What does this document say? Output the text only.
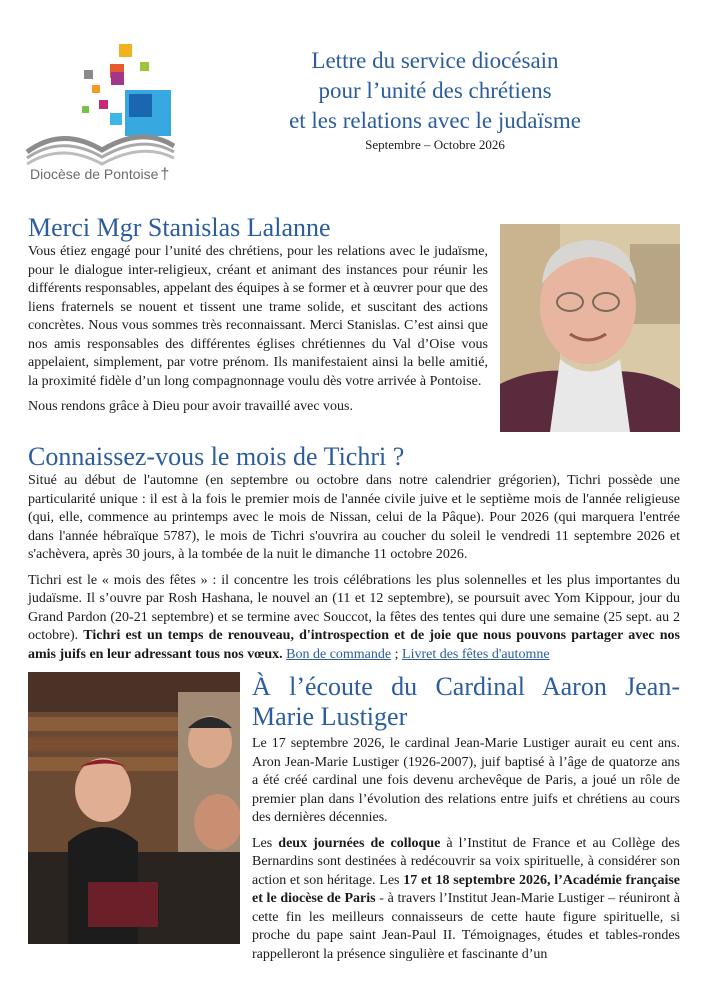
Diocèse de Pontoise †
Lettre du service diocésain
pour l’unité des chrétiens
et les relations avec le judaïsme
Septembre – Octobre 2026
Merci Mgr Stanislas Lalanne

Vous étiez engagé pour l’unité des chrétiens, pour les relations avec le judaïsme, pour le dialogue inter-religieux, créant et animant des instances pour réunir les différents responsables, appelant des équipes à se former et à œuvrer pour que des liens fraternels se nouent et tissent une trame solide, et suscitant des actions concrètes. Nous vous sommes très reconnaissant. Merci Stanislas. C’est ainsi que nos amis responsables des différentes églises chrétiennes du Val d’Oise vous appelaient, simplement, par votre prénom. Ils manifestaient ainsi la belle amitié, la proximité fidèle d’un long compagnonnage voulu dès votre arrivée à Pontoise.

Nous rendons grâce à Dieu pour avoir travaillé avec vous.

Connaissez-vous le mois de Tichri ?

Situé au début de l'automne (en septembre ou octobre dans notre calendrier grégorien), Tichri possède une particularité unique : il est à la fois le premier mois de l'année civile juive et le septième mois de l'année religieuse (qui, elle, commence au printemps avec le mois de Nissan, celui de la Pâque). Pour 2026 (qui marquera l'entrée dans l'année hébraïque 5787), le mois de Tichri s'ouvrira au coucher du soleil le vendredi 11 septembre 2026 et s'achèvera, après 30 jours, à la tombée de la nuit le dimanche 11 octobre 2026.

Tichri est le « mois des fêtes » : il concentre les trois célébrations les plus solennelles et les plus importantes du judaïsme. Il s’ouvre par Rosh Hashana, le nouvel an (11 et 12 septembre), se poursuit avec Yom Kippour, jour du Grand Pardon (20-21 septembre) et se termine avec Souccot, la fêtes des tentes qui dure une semaine (25 sept. au 2 octobre). Tichri est un temps de renouveau, d'introspection et de joie que nous pouvons partager avec nos amis juifs en leur adressant tous nos vœux. Bon de commande ; Livret des fêtes d'automne

À l’écoute du Cardinal Aaron Jean-Marie Lustiger

Le 17 septembre 2026, le cardinal Jean-Marie Lustiger aurait eu cent ans. Aron Jean-Marie Lustiger (1926-2007), juif baptisé à l’âge de quatorze ans a été créé cardinal une fois devenu archevêque de Paris, a joué un rôle de premier plan dans l’évolution des relations entre juifs et chrétiens au cours des dernières décennies.

Les deux journées de colloque à l’Institut de France et au Collège des Bernardins sont destinées à redécouvrir sa voix spirituelle, à considérer son action et son héritage. Les 17 et 18 septembre 2026, l’Académie française et le diocèse de Paris - à travers l’Institut Jean-Marie Lustiger – réuniront à cette fin les meilleurs connaisseurs de cette haute figure spirituelle, si proche du pape saint Jean-Paul II. Témoignages, études et tables-rondes rappelleront la présence singulière et fascinante d’un
